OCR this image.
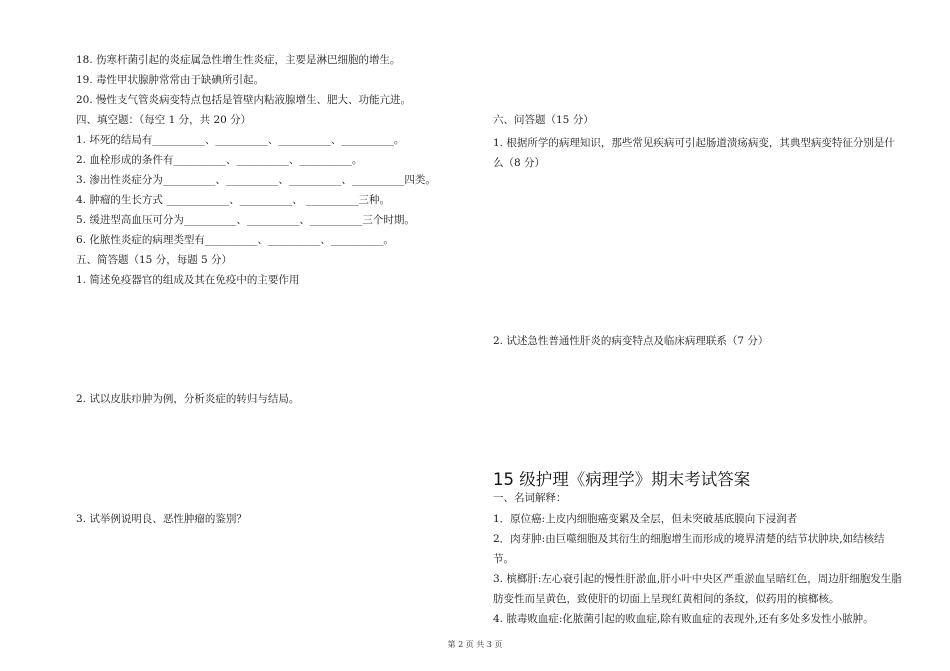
18. 伤寒杆菌引起的炎症属急性增生性炎症，主要是淋巴细胞的增生。
19. 毒性甲状腺肿常常由于缺碘所引起。
20. 慢性支气管炎病变特点包括是管壁内粘液腺增生、肥大、功能亢进。
四、填空题：（每空 1 分，共 20 分）
1. 坏死的结局有__________、__________、__________、__________。
2. 血栓形成的条件有__________、__________、__________。
3. 渗出性炎症分为__________、__________、__________、__________四类。
4. 肿瘤的生长方式 ____________、__________、 __________三种。
5. 缓进型高血压可分为__________、__________、__________三个时期。
6. 化脓性炎症的病理类型有__________、__________、__________。
五、简答题（15 分，每题 5 分）
1. 简述免疫器官的组成及其在免疫中的主要作用
2. 试以皮肤疖肿为例，分析炎症的转归与结局。
3. 试举例说明良、恶性肿瘤的鉴别？
六、问答题（15 分）
1. 根据所学的病理知识，那些常见疾病可引起肠道溃疡病变，其典型病变特征分别是什么（8 分）
2. 试述急性普通性肝炎的病变特点及临床病理联系（7 分）
15 级护理《病理学》期末考试答案
一、名词解释：
1．原位癌:上皮内细胞癌变累及全层，但未突破基底膜向下浸润者
2．肉芽肿:由巨噬细胞及其衍生的细胞增生而形成的境界清楚的结节状肿块,如结核结节。
3. 槟榔肝:左心衰引起的慢性肝淤血,肝小叶中央区严重淤血呈暗红色，周边肝细胞发生脂肪变性而呈黄色，致使肝的切面上呈现红黄相间的条纹，似药用的槟榔核。
4. 脓毒败血症:化脓菌引起的败血症,除有败血症的表现外,还有多处多发性小脓肿。
第 2 页 共 3 页
